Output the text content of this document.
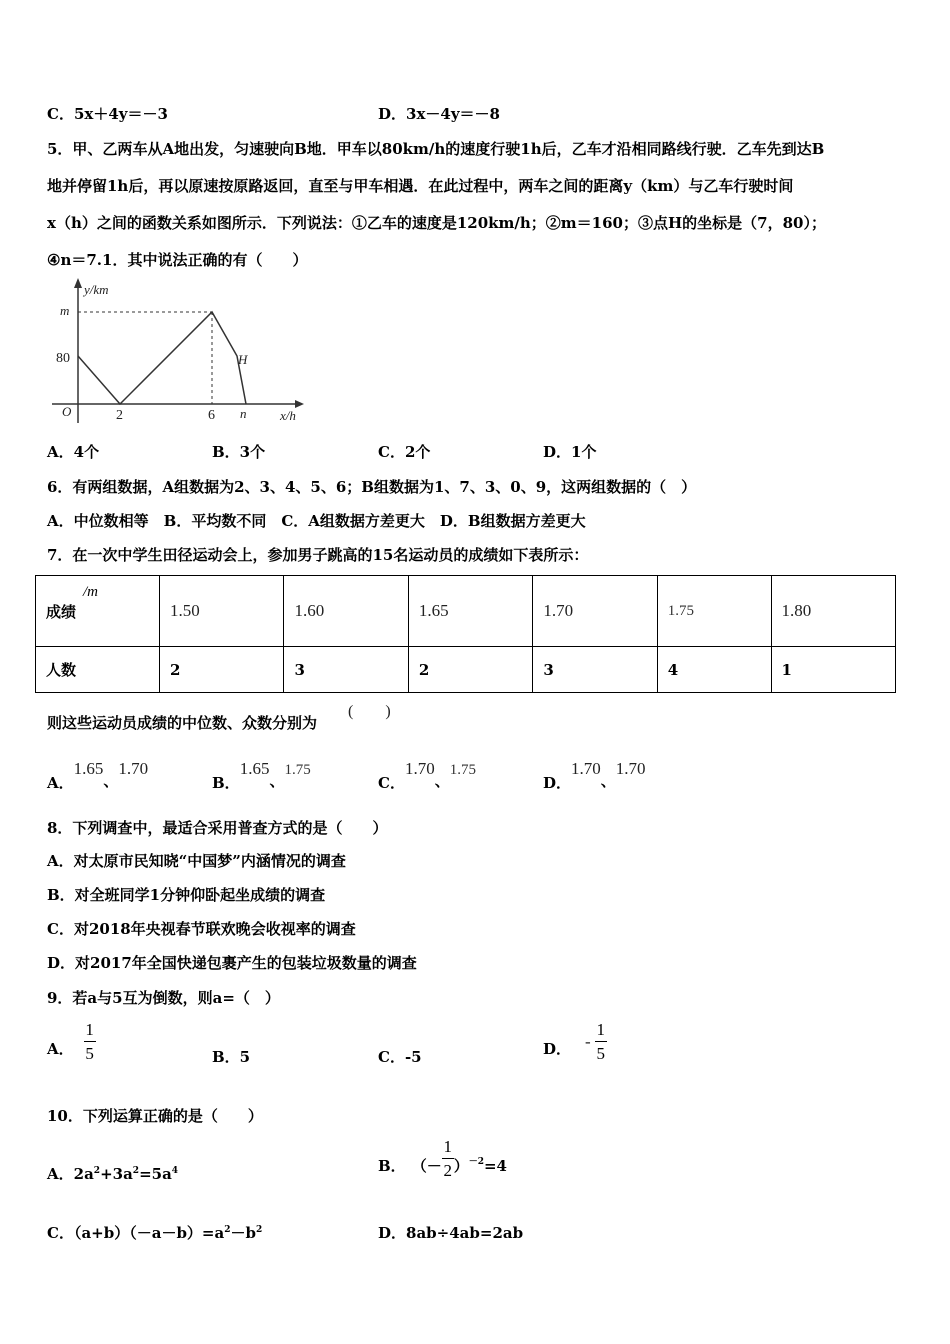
C．5x＋4y＝－3	D．3x－4y＝－8
5．甲、乙两车从A地出发，匀速驶向B地．甲车以80km/h的速度行驶1h后，乙车才沿相同路线行驶．乙车先到达B
地并停留1h后，再以原速按原路返回，直至与甲车相遇．在此过程中，两车之间的距离y（km）与乙车行驶时间
x（h）之间的函数关系如图所示．下列说法：①乙车的速度是120km/h；②m＝160；③点H的坐标是（7，80）；
④n＝7.1．其中说法正确的有（　　）
y/km
m
H
n	x/h
O
80
2	6
A．4个	B．3个	C．2个	D．1个
6．有两组数据，A组数据为2、3、4、5、6；B组数据为1、7、3、0、9，这两组数据的（　）
A．中位数相等　B．平均数不同　C．A组数据方差更大　D．B组数据方差更大
7．在一次中学生田径运动会上，参加男子跳高的15名运动员的成绩如下表所示：
成绩
/m	1.50	1.60	1.65	1.70	1.75	1.80
人数	2	3	2	3	4	1
则这些运动员成绩的中位数、众数分别为
(　　)
A．1.65、1.70
B．1.65、1.75
C．1.70、1.75
D．1.70、1.70
8．下列调查中，最适合采用普查方式的是（　　）
A．对太原市民知晓“中国梦”内涵情况的调查
B．对全班同学1分钟仰卧起坐成绩的调查
C．对2018年央视春节联欢晚会收视率的调查
D．对2017年全国快递包裹产生的包装垃圾数量的调查
9．若a与5互为倒数，则a=（　）
A． $\frac{1}{5}$	B．5	C．-5	D． - $\frac{1}{5}$
10．下列运算正确的是（　　）
A．$2a^2+3a^2=5a^4$	B． （－ $\frac{1}{2}$ ） －2 =4
C．$(a+b)(-a-b)=a^2-b^2$	D．8ab÷4ab=2ab
